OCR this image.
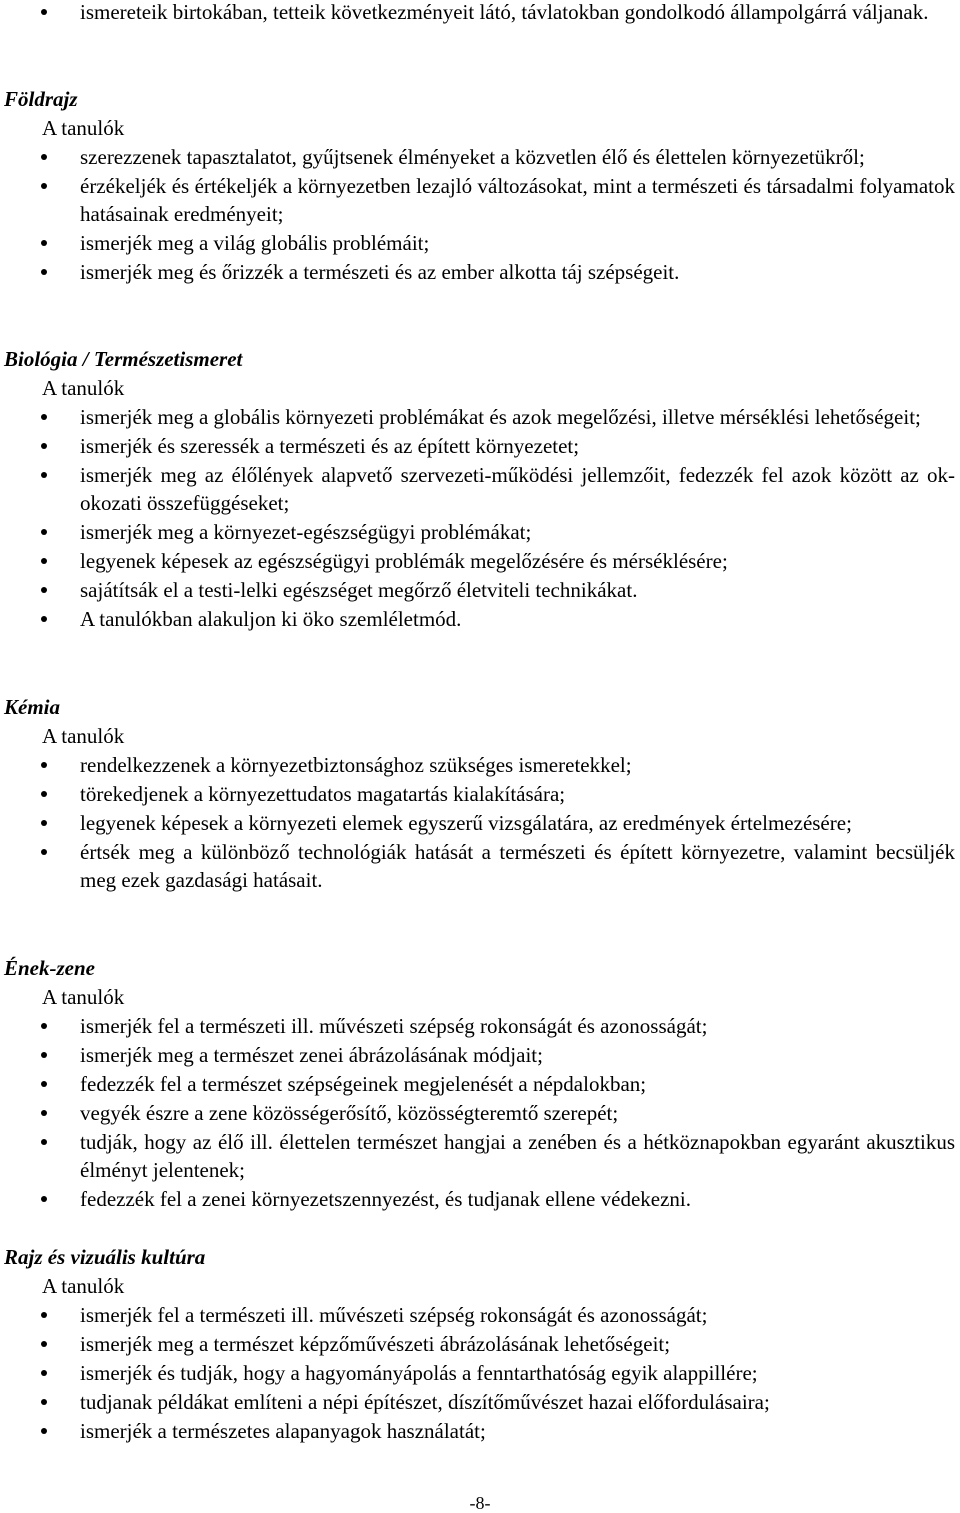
ismereteik birtokában, tetteik következményeit látó, távlatokban gondolkodó állampolgárrá váljanak.

Földrajz

A tanulók

szerezzenek tapasztalatot, gyűjtsenek élményeket a közvetlen élő és élettelen környezetükről;
érzékeljék és értékeljék a környezetben lezajló változásokat, mint a természeti és társadalmi folyamatok hatásainak eredményeit;
ismerjék meg a világ globális problémáit;
ismerjék meg és őrizzék a természeti és az ember alkotta táj szépségeit.

Biológia / Természetismeret

A tanulók

ismerjék meg a globális környezeti problémákat és azok megelőzési, illetve mérséklési lehetőségeit;
ismerjék és szeressék a természeti és az épített környezetet;
ismerjék meg az élőlények alapvető szervezeti-működési jellemzőit, fedezzék fel azok között az ok-okozati összefüggéseket;
ismerjék meg a környezet-egészségügyi problémákat;
legyenek képesek az egészségügyi problémák megelőzésére és mérséklésére;
sajátítsák el a testi-lelki egészséget megőrző életviteli technikákat.
A tanulókban alakuljon ki öko szemléletmód.

Kémia

A tanulók

rendelkezzenek a környezetbiztonsághoz szükséges ismeretekkel;
törekedjenek a környezettudatos magatartás kialakítására;
legyenek képesek a környezeti elemek egyszerű vizsgálatára, az eredmények értelmezésére;
értsék meg a különböző technológiák hatását a természeti és épített környezetre, valamint becsüljék meg ezek gazdasági hatásait.

Ének-zene

A tanulók

ismerjék fel a természeti ill. művészeti szépség rokonságát és azonosságát;
ismerjék meg a természet zenei ábrázolásának módjait;
fedezzék fel a természet szépségeinek megjelenését a népdalokban;
vegyék észre a zene közösségerősítő, közösségteremtő szerepét;
tudják, hogy az élő ill. élettelen természet hangjai a zenében és a hétköznapokban egyaránt akusztikus élményt jelentenek;
fedezzék fel a zenei környezetszennyezést, és tudjanak ellene védekezni.

Rajz és vizuális kultúra

A tanulók

ismerjék fel a természeti ill. művészeti szépség rokonságát és azonosságát;
ismerjék meg a természet képzőművészeti ábrázolásának lehetőségeit;
ismerjék és tudják, hogy a hagyományápolás a fenntarthatóság egyik alappillére;
tudjanak példákat említeni a népi építészet, díszítőművészet hazai előfordulásaira;
ismerjék a természetes alapanyagok használatát;
-8-
